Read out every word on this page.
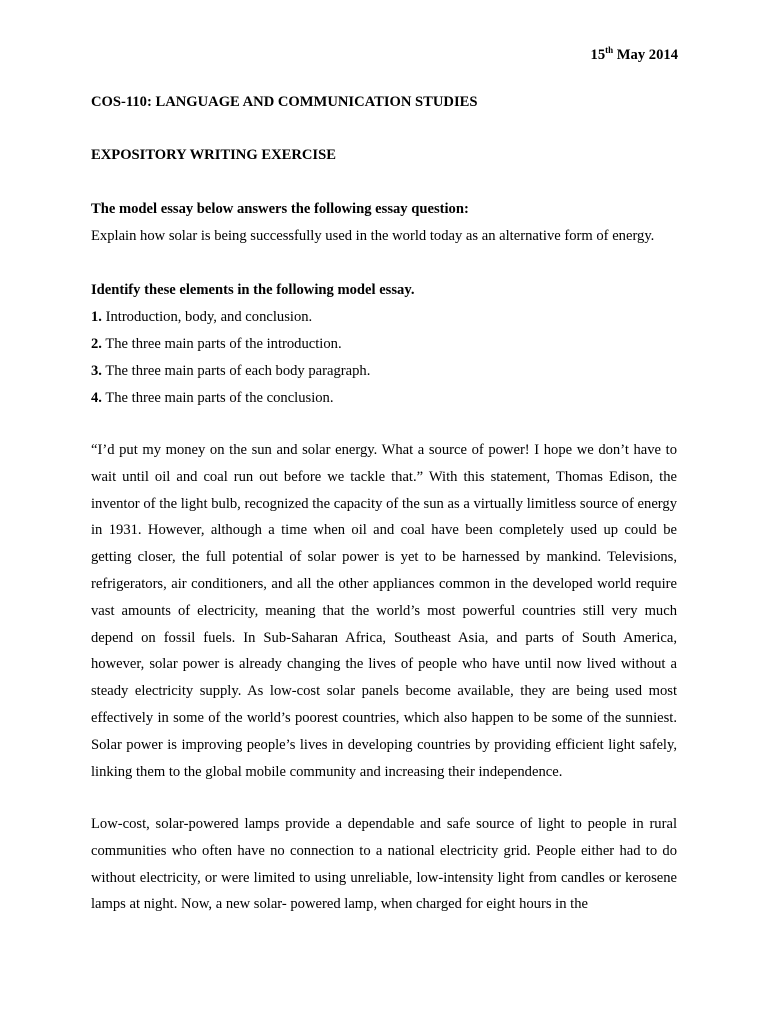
15th May 2014
COS-110: LANGUAGE AND COMMUNICATION STUDIES
EXPOSITORY WRITING EXERCISE
The model essay below answers the following essay question:
Explain how solar is being successfully used in the world today as an alternative form of energy.
Identify these elements in the following model essay.
1. Introduction, body, and conclusion.
2. The three main parts of the introduction.
3. The three main parts of each body paragraph.
4. The three main parts of the conclusion.
“I’d put my money on the sun and solar energy. What a source of power! I hope we don’t have to wait until oil and coal run out before we tackle that.” With this statement, Thomas Edison, the inventor of the light bulb, recognized the capacity of the sun as a virtually limitless source of energy in 1931. However, although a time when oil and coal have been completely used up could be getting closer, the full potential of solar power is yet to be harnessed by mankind. Televisions, refrigerators, air conditioners, and all the other appliances common in the developed world require vast amounts of electricity, meaning that the world’s most powerful countries still very much depend on fossil fuels. In Sub-Saharan Africa, Southeast Asia, and parts of South America, however, solar power is already changing the lives of people who have until now lived without a steady electricity supply. As low-cost solar panels become available, they are being used most effectively in some of the world’s poorest countries, which also happen to be some of the sunniest. Solar power is improving people’s lives in developing countries by providing efficient light safely, linking them to the global mobile community and increasing their independence.
Low-cost, solar-powered lamps provide a dependable and safe source of light to people in rural communities who often have no connection to a national electricity grid. People either had to do without electricity, or were limited to using unreliable, low-intensity light from candles or kerosene lamps at night. Now, a new solar- powered lamp, when charged for eight hours in the
